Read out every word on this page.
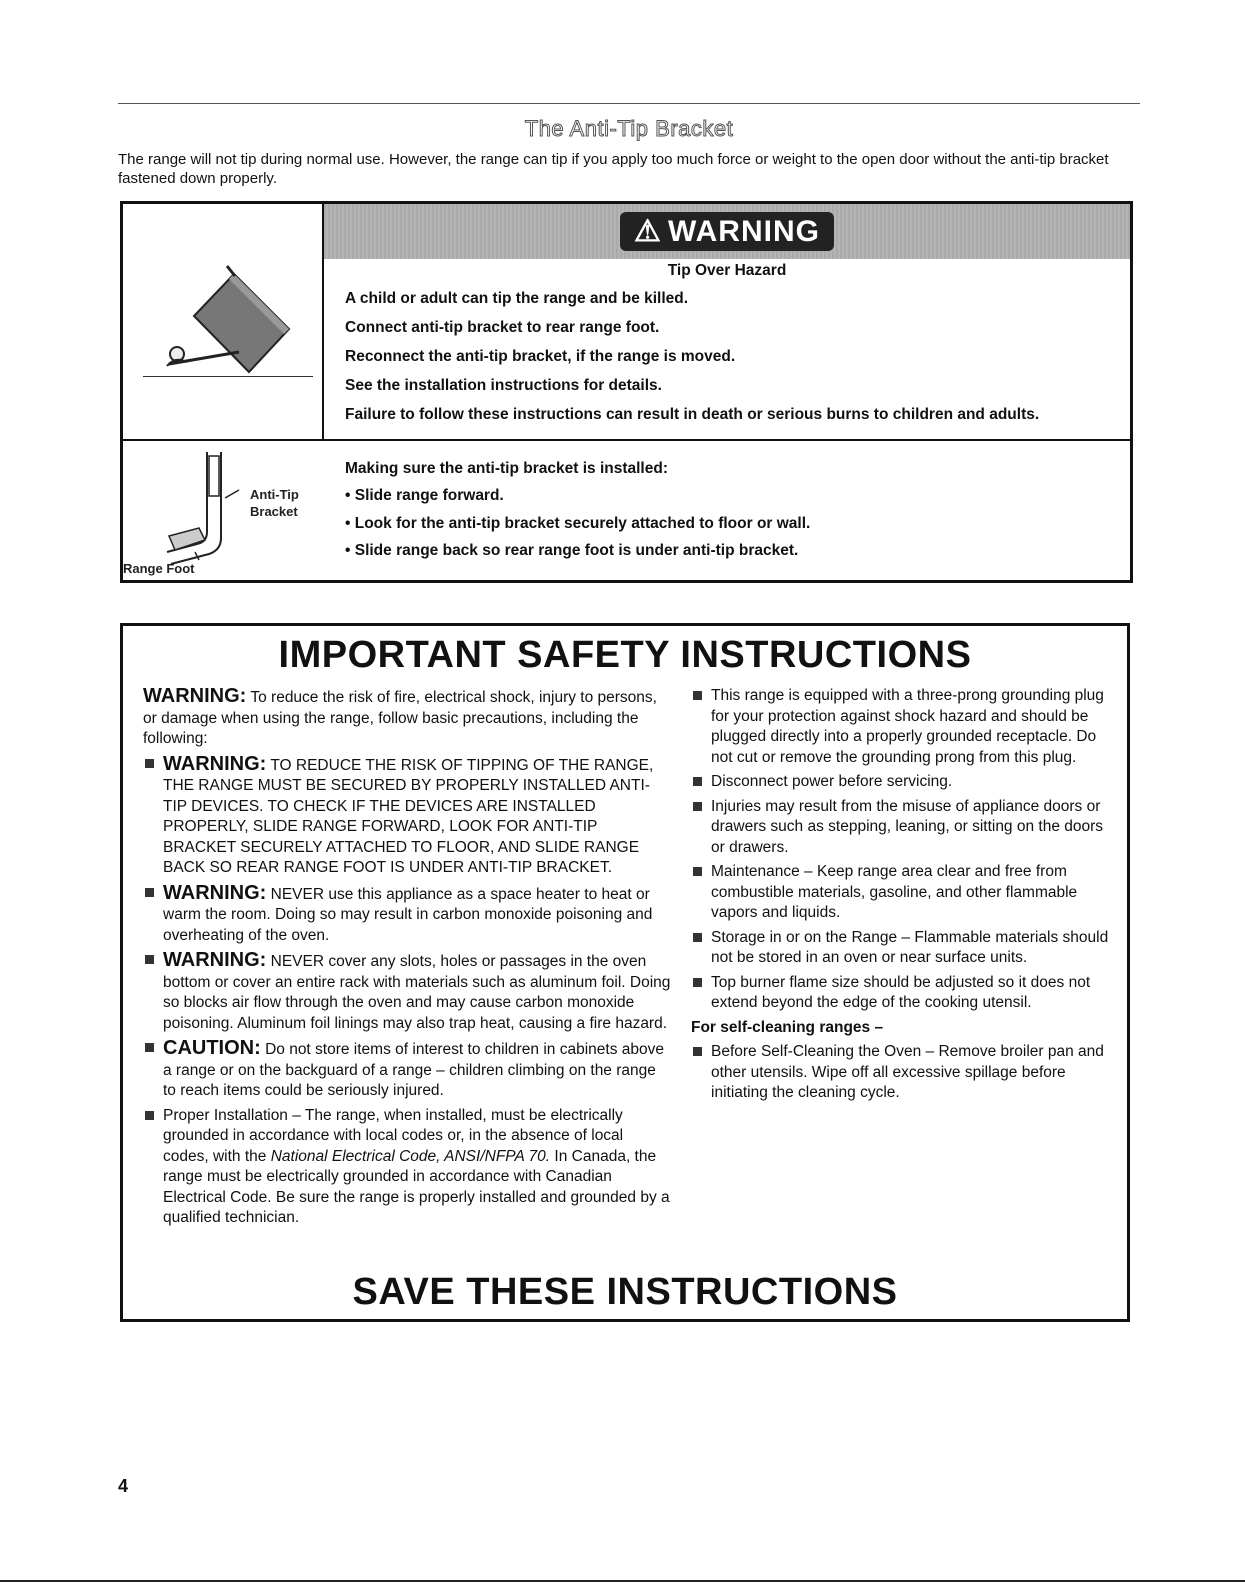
The Anti-Tip Bracket
The range will not tip during normal use. However, the range can tip if you apply too much force or weight to the open door without the anti-tip bracket fastened down properly.
⚠ WARNING
Tip Over Hazard
A child or adult can tip the range and be killed.
Connect anti-tip bracket to rear range foot.
Reconnect the anti-tip bracket, if the range is moved.
See the installation instructions for details.
Failure to follow these instructions can result in death or serious burns to children and adults.
Anti-Tip
Bracket
Range Foot
Making sure the anti-tip bracket is installed:
• Slide range forward.
• Look for the anti-tip bracket securely attached to floor or wall.
• Slide range back so rear range foot is under anti-tip bracket.
IMPORTANT SAFETY INSTRUCTIONS

WARNING: To reduce the risk of fire, electrical shock, injury to persons, or damage when using the range, follow basic precautions, including the following:

WARNING: TO REDUCE THE RISK OF TIPPING OF THE RANGE, THE RANGE MUST BE SECURED BY PROPERLY INSTALLED ANTI-TIP DEVICES. TO CHECK IF THE DEVICES ARE INSTALLED PROPERLY, SLIDE RANGE FORWARD, LOOK FOR ANTI-TIP BRACKET SECURELY ATTACHED TO FLOOR, AND SLIDE RANGE BACK SO REAR RANGE FOOT IS UNDER ANTI-TIP BRACKET.

WARNING: NEVER use this appliance as a space heater to heat or warm the room. Doing so may result in carbon monoxide poisoning and overheating of the oven.

WARNING: NEVER cover any slots, holes or passages in the oven bottom or cover an entire rack with materials such as aluminum foil. Doing so blocks air flow through the oven and may cause carbon monoxide poisoning. Aluminum foil linings may also trap heat, causing a fire hazard.

CAUTION: Do not store items of interest to children in cabinets above a range or on the backguard of a range – children climbing on the range to reach items could be seriously injured.

Proper Installation – The range, when installed, must be electrically grounded in accordance with local codes or, in the absence of local codes, with the National Electrical Code, ANSI/NFPA 70. In Canada, the range must be electrically grounded in accordance with Canadian Electrical Code. Be sure the range is properly installed and grounded by a qualified technician.

This range is equipped with a three-prong grounding plug for your protection against shock hazard and should be plugged directly into a properly grounded receptacle. Do not cut or remove the grounding prong from this plug.

Disconnect power before servicing.

Injuries may result from the misuse of appliance doors or drawers such as stepping, leaning, or sitting on the doors or drawers.

Maintenance – Keep range area clear and free from combustible materials, gasoline, and other flammable vapors and liquids.

Storage in or on the Range – Flammable materials should not be stored in an oven or near surface units.

Top burner flame size should be adjusted so it does not extend beyond the edge of the cooking utensil.

For self-cleaning ranges –

Before Self-Cleaning the Oven – Remove broiler pan and other utensils. Wipe off all excessive spillage before initiating the cleaning cycle.

SAVE THESE INSTRUCTIONS
4
